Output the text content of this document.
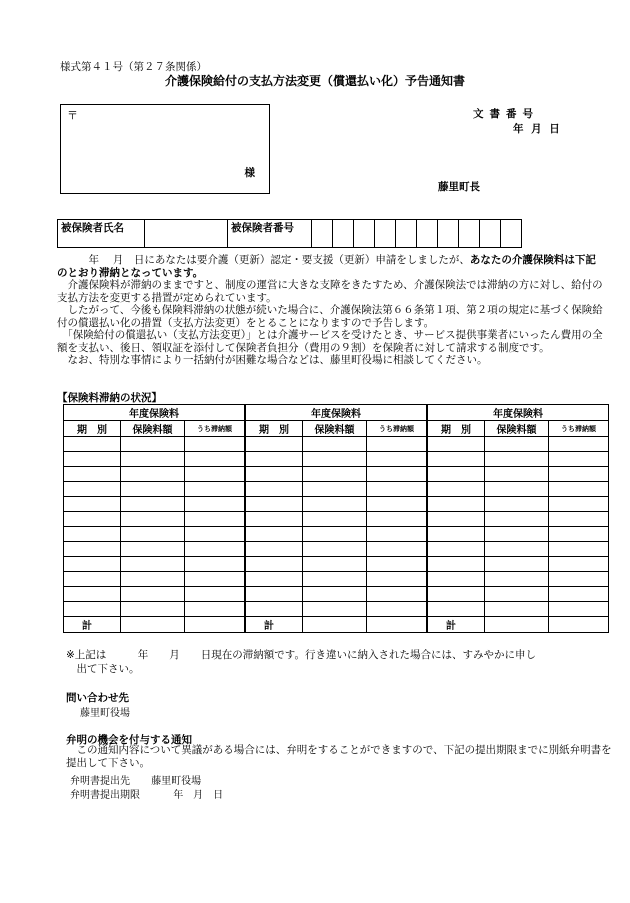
様式第４１号（第２７条関係）
介護保険給付の支払方法変更（償還払い化）予告通知書
〒
様
文書番号
年 月 日
藤里町長
被保険者氏名		被保険者番号										

　　　年　 月　日にあなたは要介護（更新）認定・要支援（更新）申請をしましたが、あなたの介護保険料は下記のとおり滞納となっています。

　介護保険料が滞納のままですと、制度の運営に大きな支障をきたすため、介護保険法では滞納の方に対し、給付の支払方法を変更する措置が定められています。

　したがって、今後も保険料滞納の状態が続いた場合に、介護保険法第６６条第１項、第２項の規定に基づく保険給付の償還払い化の措置（支払方法変更）をとることになりますので予告します。

　「保険給付の償還払い（支払方法変更）」とは介護サービスを受けたとき、サービス提供事業者にいったん費用の全額を支払い、後日、領収証を添付して保険者負担分（費用の９割）を保険者に対して請求する制度です。

　なお、特別な事情により一括納付が困難な場合などは、藤里町役場に相談してください。

【保険料滞納の状況】
年度保険料		
期　別	保険料額	うち滞納額

計		
年度保険料		
期　別	保険料額	うち滞納額

計		
年度保険料		
期　別	保険料額	うち滞納額

計		
※上記は　　　年　　月　　日現在の滞納額です。行き違いに納入された場合には、すみやかに申し
　出て下さい。
問い合わせ先
藤里町役場
弁明の機会を付与する通知
　この通知内容について異議がある場合には、弁明をすることができますので、下記の提出期限までに別紙弁明書を提出して下さい。
弁明書提出先 藤里町役場
弁明書提出期限	年　月　日
